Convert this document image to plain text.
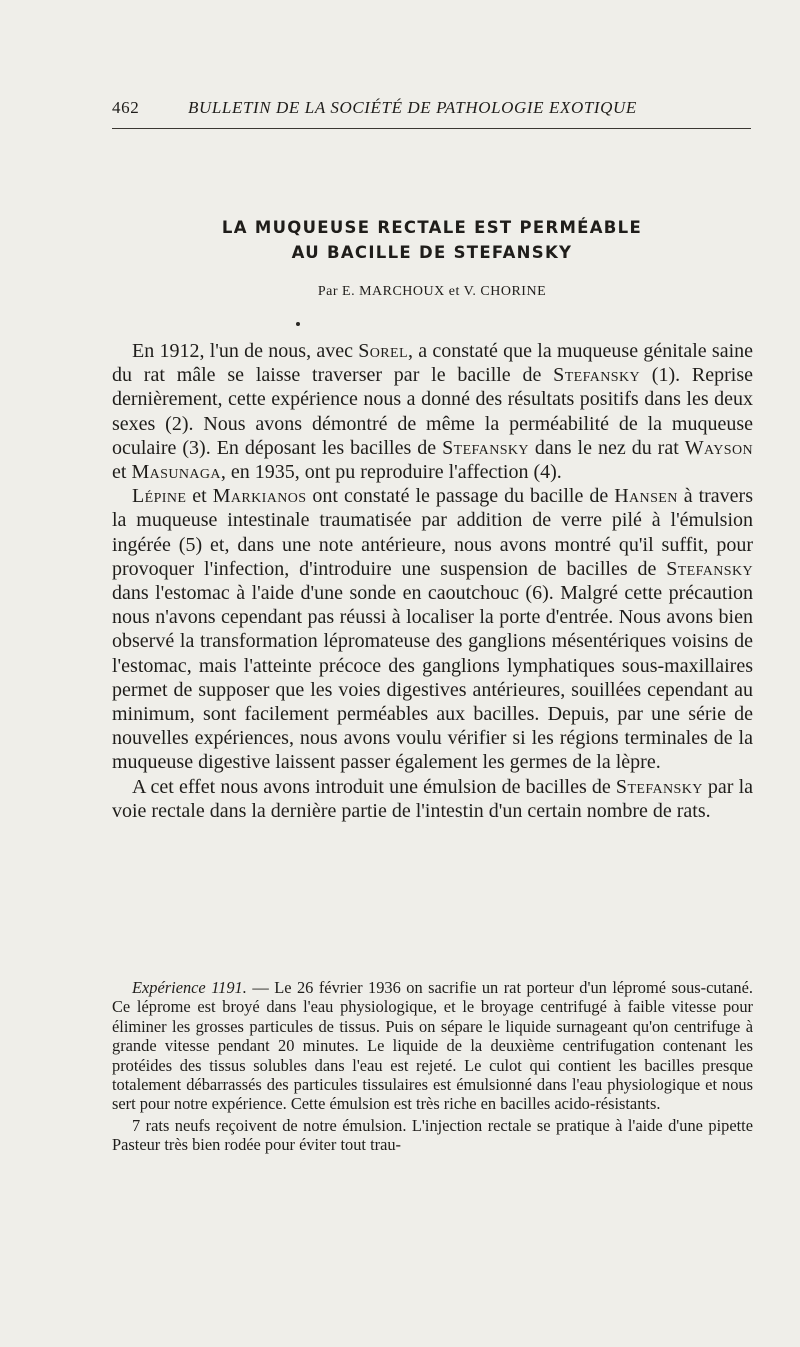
462	BULLETIN DE LA SOCIÉTÉ DE PATHOLOGIE EXOTIQUE
LA MUQUEUSE RECTALE EST PERMÉABLE
AU BACILLE DE STEFANSKY
Par E. MARCHOUX et V. CHORINE

En 1912, l'un de nous, avec Sorel, a constaté que la muqueuse génitale saine du rat mâle se laisse traverser par le bacille de Stefansky (1). Reprise dernièrement, cette expérience nous a donné des résultats positifs dans les deux sexes (2). Nous avons démontré de même la perméabilité de la muqueuse oculaire (3). En déposant les bacilles de Stefansky dans le nez du rat Wayson et Masunaga, en 1935, ont pu reproduire l'affection (4).

Lépine et Markianos ont constaté le passage du bacille de Hansen à travers la muqueuse intestinale traumatisée par addition de verre pilé à l'émulsion ingérée (5) et, dans une note antérieure, nous avons montré qu'il suffit, pour provoquer l'infection, d'introduire une suspension de bacilles de Stefansky dans l'estomac à l'aide d'une sonde en caoutchouc (6). Malgré cette précaution nous n'avons cependant pas réussi à localiser la porte d'entrée. Nous avons bien observé la transformation lépromateuse des ganglions mésentériques voisins de l'estomac, mais l'atteinte précoce des ganglions lymphatiques sous-maxillaires permet de supposer que les voies digestives antérieures, souillées cependant au minimum, sont facilement perméables aux bacilles. Depuis, par une série de nouvelles expériences, nous avons voulu vérifier si les régions terminales de la muqueuse digestive laissent passer également les germes de la lèpre.

A cet effet nous avons introduit une émulsion de bacilles de Stefansky par la voie rectale dans la dernière partie de l'intestin d'un certain nombre de rats.

Expérience 1191. — Le 26 février 1936 on sacrifie un rat porteur d'un lépromé sous-cutané. Ce léprome est broyé dans l'eau physiologique, et le broyage centrifugé à faible vitesse pour éliminer les grosses particules de tissus. Puis on sépare le liquide surnageant qu'on centrifuge à grande vitesse pendant 20 minutes. Le liquide de la deuxième centrifugation contenant les protéides des tissus solubles dans l'eau est rejeté. Le culot qui contient les bacilles presque totalement débarrassés des particules tissulaires est émulsionné dans l'eau physiologique et nous sert pour notre expérience. Cette émulsion est très riche en bacilles acido-résistants.

7 rats neufs reçoivent de notre émulsion. L'injection rectale se pratique à l'aide d'une pipette Pasteur très bien rodée pour éviter tout trau-
